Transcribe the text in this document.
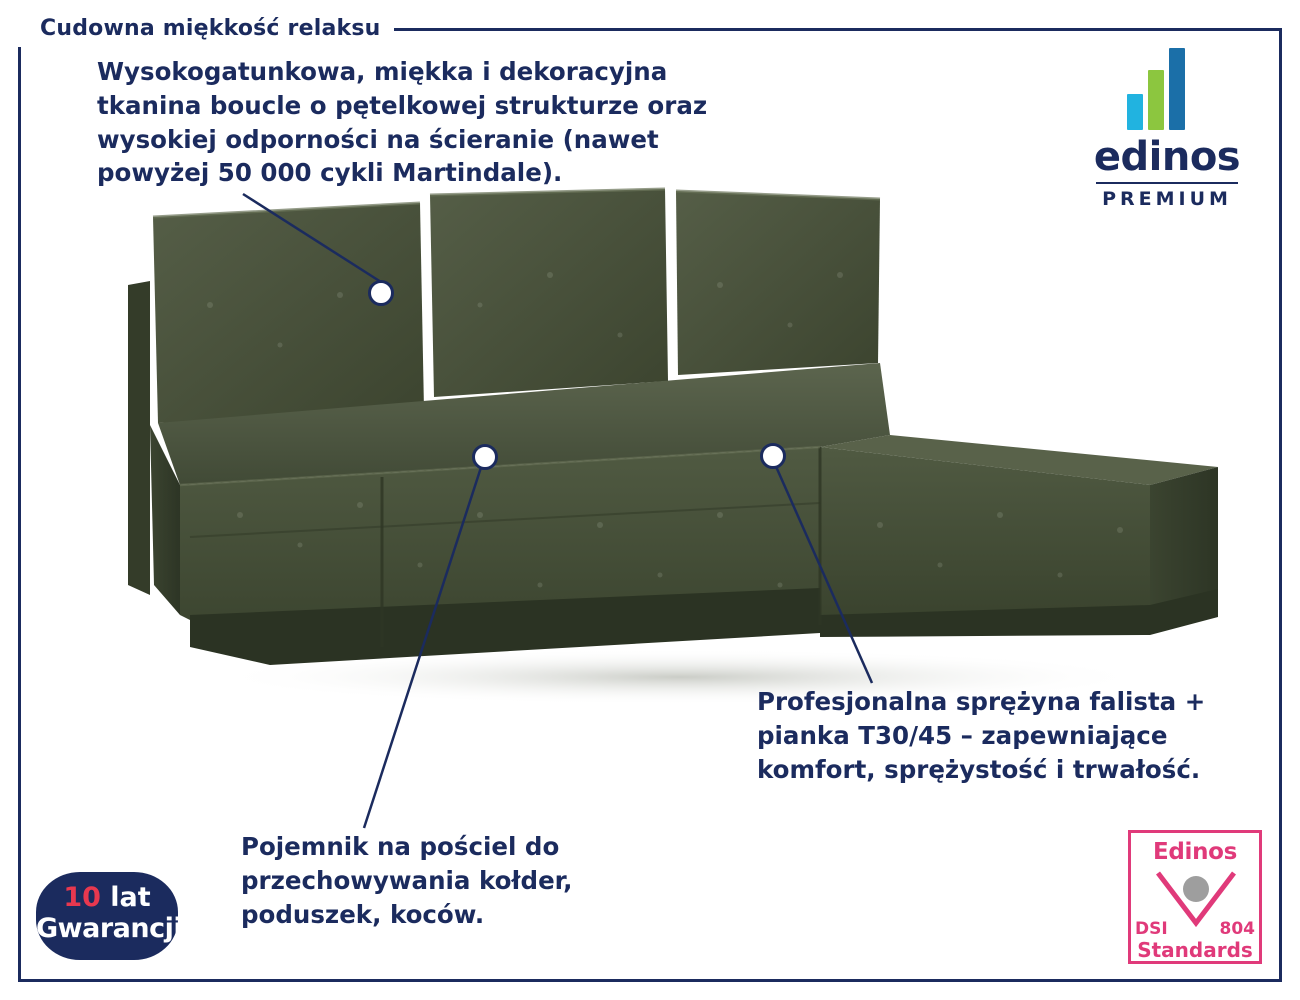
Cudowna miękkość relaksu
Wysokogatunkowa, miękka i dekoracyjna tkanina boucle o pętelkowej strukturze oraz wysokiej odporności na ścieranie (nawet powyżej 50 000 cykli Martindale).
Pojemnik na pościel do przechowywania kołder, poduszek, koców.
Profesjonalna sprężyna falista + pianka T30/45 – zapewniające komfort, sprężystość i trwałość.
edinos
PREMIUM
10 lat
Gwarancji
Edinos
DSI	804
Standards
